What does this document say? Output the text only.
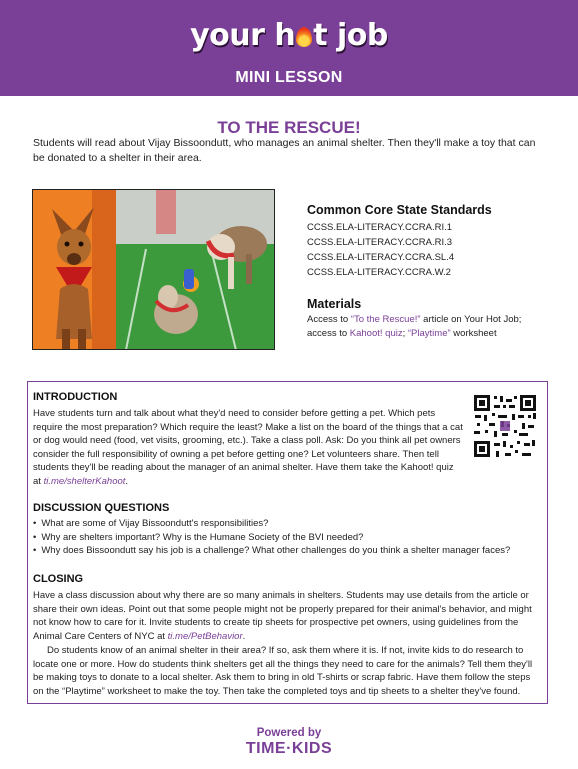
your h t job
MINI LESSON
TO THE RESCUE!

Students will read about Vijay Bissoondutt, who manages an animal shelter. Then they'll make a toy that can be donated to a shelter in their area.

Common Core State Standards
CCSS.ELA-LITERACY.CCRA.RI.1
CCSS.ELA-LITERACY.CCRA.RI.3
CCSS.ELA-LITERACY.CCRA.SL.4
CCSS.ELA-LITERACY.CCRA.W.2
Materials
Access to “To the Rescue!” article on Your Hot Job;
access to Kahoot! quiz; “Playtime” worksheet
INTRODUCTION

Have students turn and talk about what they'd need to consider before getting a pet. Which pets require the most preparation? Which require the least? Make a list on the board of the things that a cat or dog would need (food, vet visits, grooming, etc.). Take a class poll. Ask: Do you think all pet owners consider the full responsibility of owning a pet before getting one? Let volunteers share. Then tell students they'll be reading about the manager of an animal shelter. Have them take the Kahoot! quiz at ti.me/shelterKahoot.

DISCUSSION QUESTIONS
• What are some of Vijay Bissoondutt's responsibilities?
• Why are shelters important? Why is the Humane Society of the BVI needed?
• Why does Bissoondutt say his job is a challenge? What other challenges do you think a shelter manager faces?
CLOSING

Have a class discussion about why there are so many animals in shelters. Students may use details from the article or share their own ideas. Point out that some people might not be properly prepared for their animal's behavior, and might not know how to care for it. Invite students to create tip sheets for prospective pet owners, using guidelines from the Animal Care Centers of NYC at ti.me/PetBehavior.

Do students know of an animal shelter in their area? If so, ask them where it is. If not, invite kids to do research to locate one or more. How do students think shelters get all the things they need to care for the animals? Tell them they'll be making toys to donate to a local shelter. Ask them to bring in old T-shirts or scrap fabric. Have them follow the steps on the “Playtime” worksheet to make the toy. Then take the completed toys and tip sheets to a shelter they've found.

Powered by
TIME·KIDS
